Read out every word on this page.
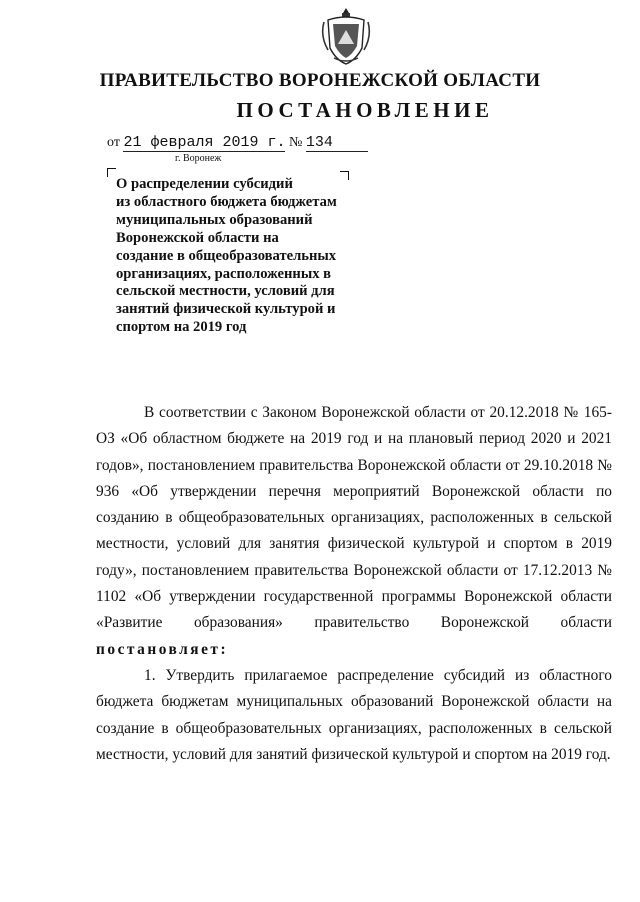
ПРАВИТЕЛЬСТВО ВОРОНЕЖСКОЙ ОБЛАСТИ
ПОСТАНОВЛЕНИЕ
от 21 февраля 2019 г. № 134
г. Воронеж
О распределении субсидий
из областного бюджета бюджетам
муниципальных образований
Воронежской области на
создание в общеобразовательных
организациях, расположенных в
сельской местности, условий для
занятий физической культурой и
спортом на 2019 год

В соответствии с Законом Воронежской области от 20.12.2018 № 165-ОЗ «Об областном бюджете на 2019 год и на плановый период 2020 и 2021 годов», постановлением правительства Воронежской области от 29.10.2018 № 936 «Об утверждении перечня мероприятий Воронежской области по созданию в общеобразовательных организациях, расположенных в сельской местности, условий для занятия физической культурой и спортом в 2019 году», постановлением правительства Воронежской области от 17.12.2013 № 1102 «Об утверждении государственной программы Воронежской области «Развитие образования» правительство Воронежской области постановляет:

1. Утвердить прилагаемое распределение субсидий из областного бюджета бюджетам муниципальных образований Воронежской области на создание в общеобразовательных организациях, расположенных в сельской местности, условий для занятий физической культурой и спортом на 2019 год.
